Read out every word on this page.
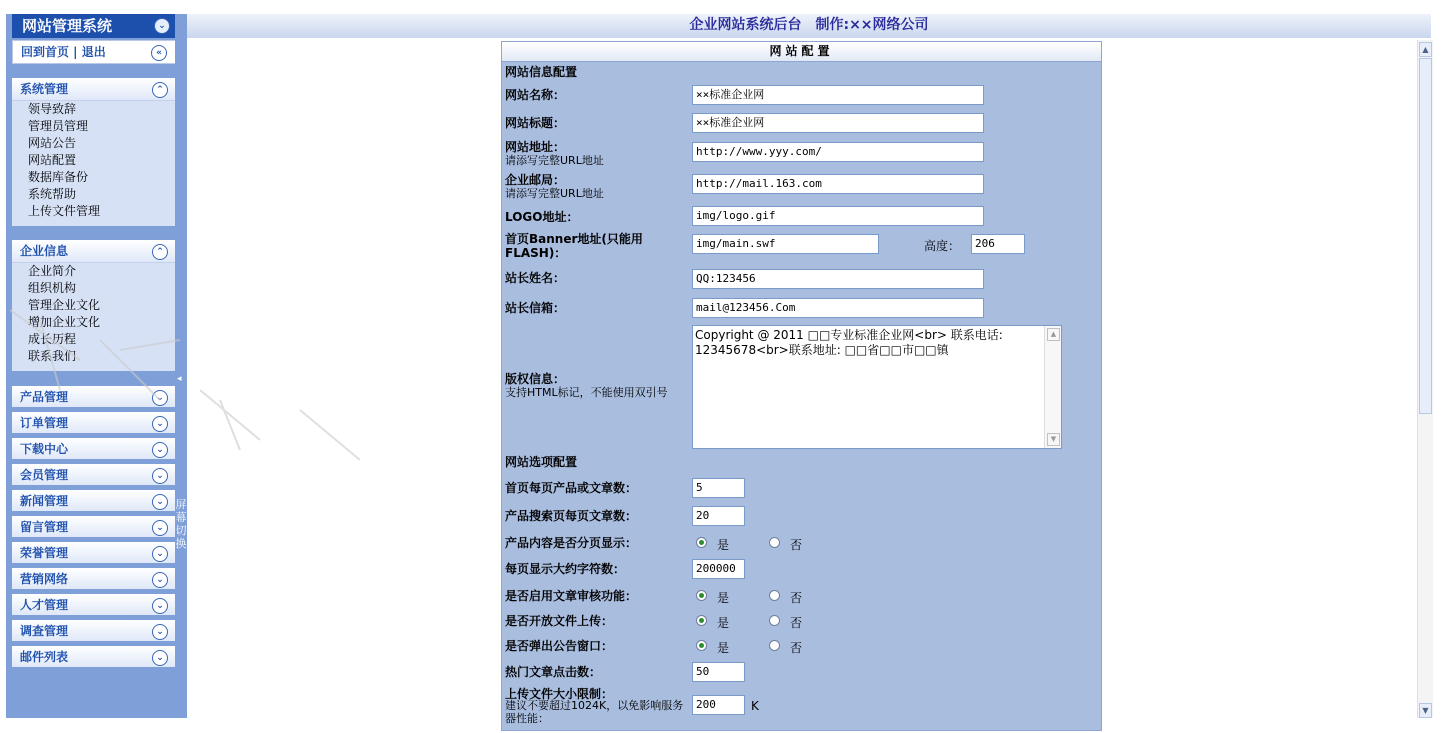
网站管理系统	⌄
回到首页 | 退出	«
系统管理	⌃
领导致辞
管理员管理
网站公告
网站配置
数据库备份
系统帮助
上传文件管理
企业信息	⌃
企业简介
组织机构
管理企业文化
增加企业文化
成长历程
联系我们
产品管理	⌄
订单管理	⌄
下载中心	⌄
会员管理	⌄
新闻管理	⌄
留言管理	⌄
荣誉管理	⌄
营销网络	⌄
人才管理	⌄
调查管理	⌄
邮件列表	⌄
◂
屏幕切换
企业网站系统后台　制作:××网络公司
网站配置
网站信息配置
网站名称：	××标准企业网
网站标题：	××标准企业网
网站地址：
请添写完整URL地址
http://www.yyy.com/
企业邮局：
请添写完整URL地址
http://mail.163.com
LOGO地址：	img/logo.gif
首页Banner地址(只能用FLASH)：
img/main.swf	高度：	206
站长姓名：	QQ:123456
站长信箱：	mail@123456.Com
版权信息：
支持HTML标记，不能使用双引号
Copyright @ 2011 □□专业标准企业网<br> 联系电话: 12345678<br>联系地址: □□省□□市□□镇
▲
▼
网站选项配置
首页每页产品或文章数：	5
产品搜索页每页文章数：	20
产品内容是否分页显示：	是	否
每页显示大约字符数：	200000
是否启用文章审核功能：	是	否
是否开放文件上传：	是	否
是否弹出公告窗口：	是	否
热门文章点击数：	50
上传文件大小限制：
建议不要超过1024K，以免影响服务器性能：
200	K
▲
▼
